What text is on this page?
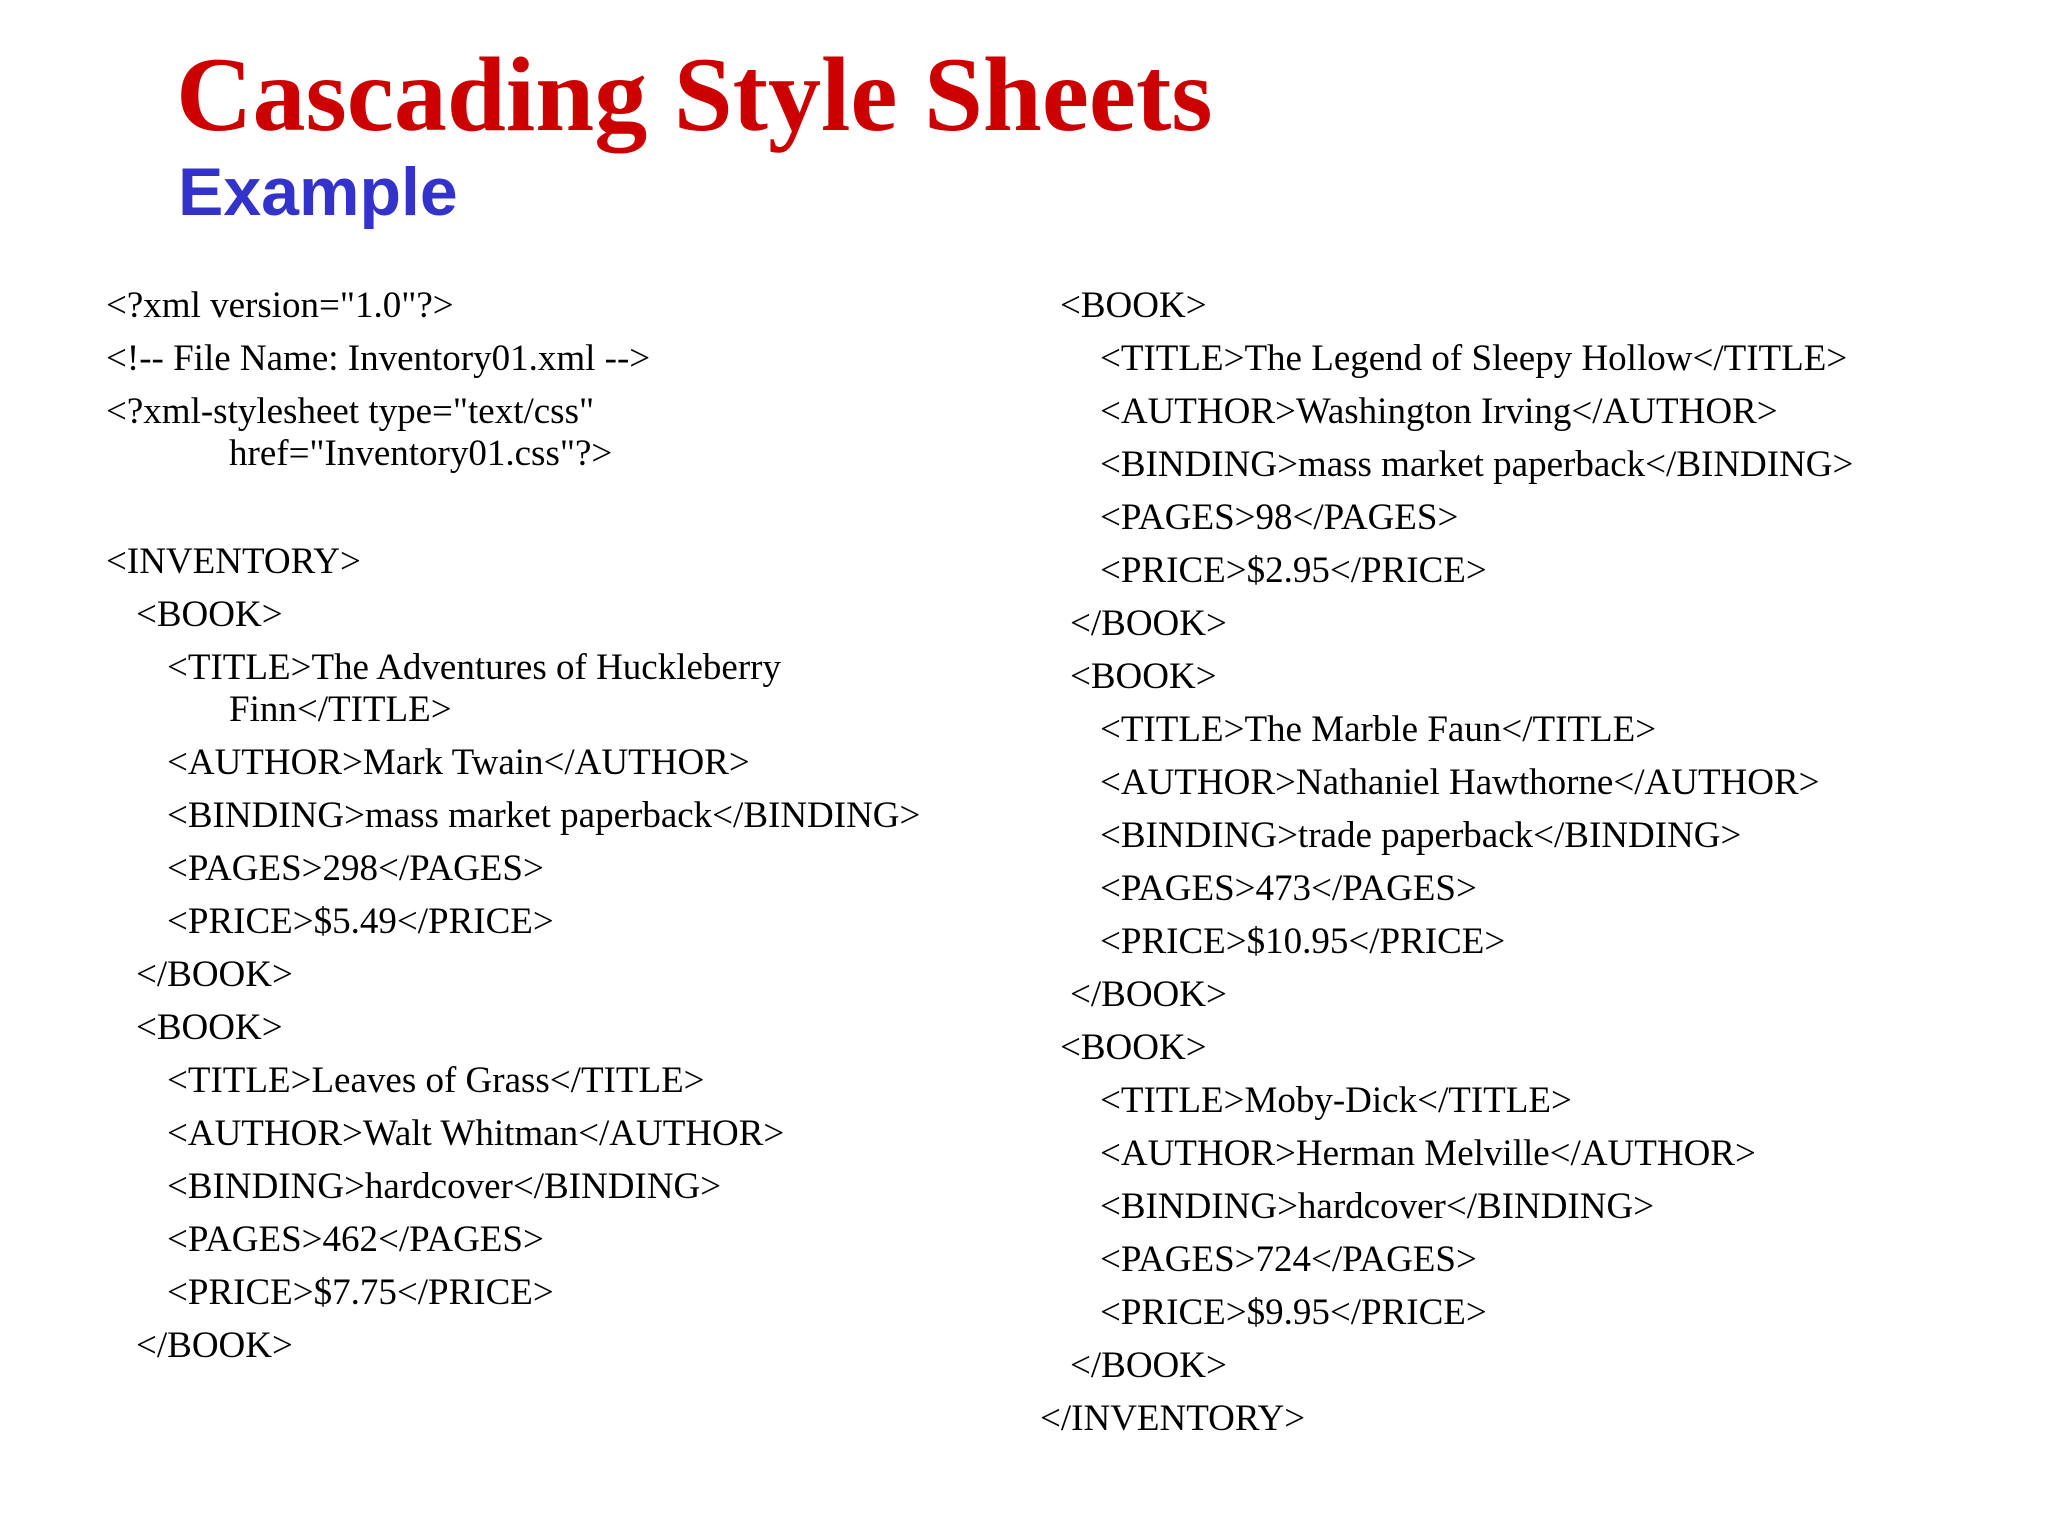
Cascading Style Sheets
Example
<?xml version="1.0"?>
<!-- File Name: Inventory01.xml -->
<?xml-stylesheet type="text/css"
href="Inventory01.css"?>
<INVENTORY>
<BOOK>
<TITLE>The Adventures of Huckleberry
Finn</TITLE>
<AUTHOR>Mark Twain</AUTHOR>
<BINDING>mass market paperback</BINDING>
<PAGES>298</PAGES>
<PRICE>$5.49</PRICE>
</BOOK>
<BOOK>
<TITLE>Leaves of Grass</TITLE>
<AUTHOR>Walt Whitman</AUTHOR>
<BINDING>hardcover</BINDING>
<PAGES>462</PAGES>
<PRICE>$7.75</PRICE>
</BOOK>
<BOOK>
<TITLE>The Legend of Sleepy Hollow</TITLE>
<AUTHOR>Washington Irving</AUTHOR>
<BINDING>mass market paperback</BINDING>
<PAGES>98</PAGES>
<PRICE>$2.95</PRICE>
</BOOK>
<BOOK>
<TITLE>The Marble Faun</TITLE>
<AUTHOR>Nathaniel Hawthorne</AUTHOR>
<BINDING>trade paperback</BINDING>
<PAGES>473</PAGES>
<PRICE>$10.95</PRICE>
</BOOK>
<BOOK>
<TITLE>Moby-Dick</TITLE>
<AUTHOR>Herman Melville</AUTHOR>
<BINDING>hardcover</BINDING>
<PAGES>724</PAGES>
<PRICE>$9.95</PRICE>
</BOOK>
</INVENTORY>
